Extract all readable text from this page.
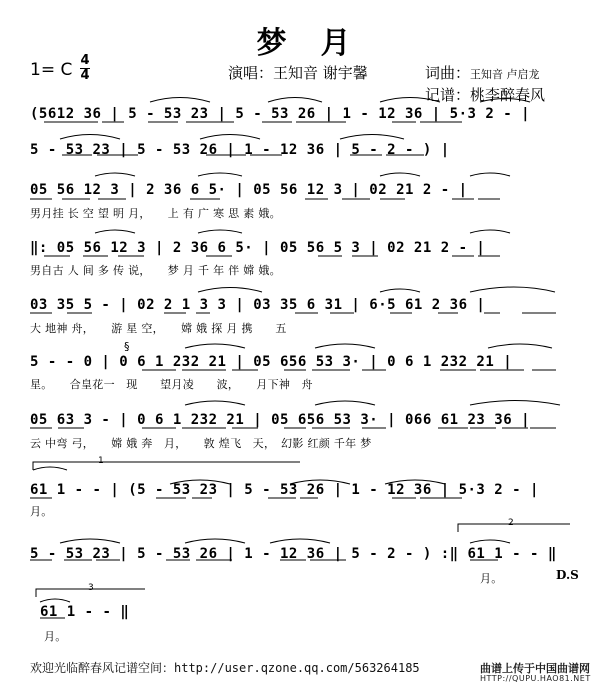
梦　月
1= C 4
4	演唱：王知音 谢宇馨	词曲：王知音 卢启龙
记谱：桃李醉春风
(5612 36 | 5 - 53 23 | 5 - 53 26 | 1 - 12 36 | 5·3 2 - |
5 - 53 23 | 5 - 53 26 | 1 - 12 36 | 5 - 2 - ) |
05 56 12 3 | 2 36 6 5· | 05 56 12 3 | 02 21 2 - |
男月挂 长 空 望 明 月，　　上 有 广 寒 思 素 娥。
‖: 05 56 12 3 | 2 36 6 5· | 05 56 5 3 | 02 21 2 - |
男自古 人 间 多 传 说，　　梦 月 千 年 伴 嫦 娥。
03 35 5 - | 02 2 1 3 3 | 03 35 6 31 | 6·5 61 2 36 |
大 地神 舟，　　游 星 空，　　嫦 娥 探 月 携　　五
§
5 - - 0 | 0 6 1 232 21 | 05 656 53 3· | 0 6 1 232 21 |
星。　　合皇花一　现　　望月凌　　波，　　月下神　舟
05 63 3 - | 0 6 1 232 21 | 05 656 53 3· | 066 61 23 36 |
云 中弯 弓，　　嫦 娥 奔　月，　　敦 煌飞　天，　幻影 红颜 千年 梦
1
61 1 - - | (5 - 53 23 | 5 - 53 26 | 1 - 12 36 | 5·3 2 - |
月。
2
5 - 53 23 | 5 - 53 26 | 1 - 12 36 | 5 - 2 - ) :‖ 61 1 - - ‖
月。	D.S
3
61 1 - - ‖
月。
欢迎光临醉春风记谱空间：http://user.qzone.qq.com/563264185	曲谱上传于中国曲谱网
HTTP://QUPU.HAO81.NET
